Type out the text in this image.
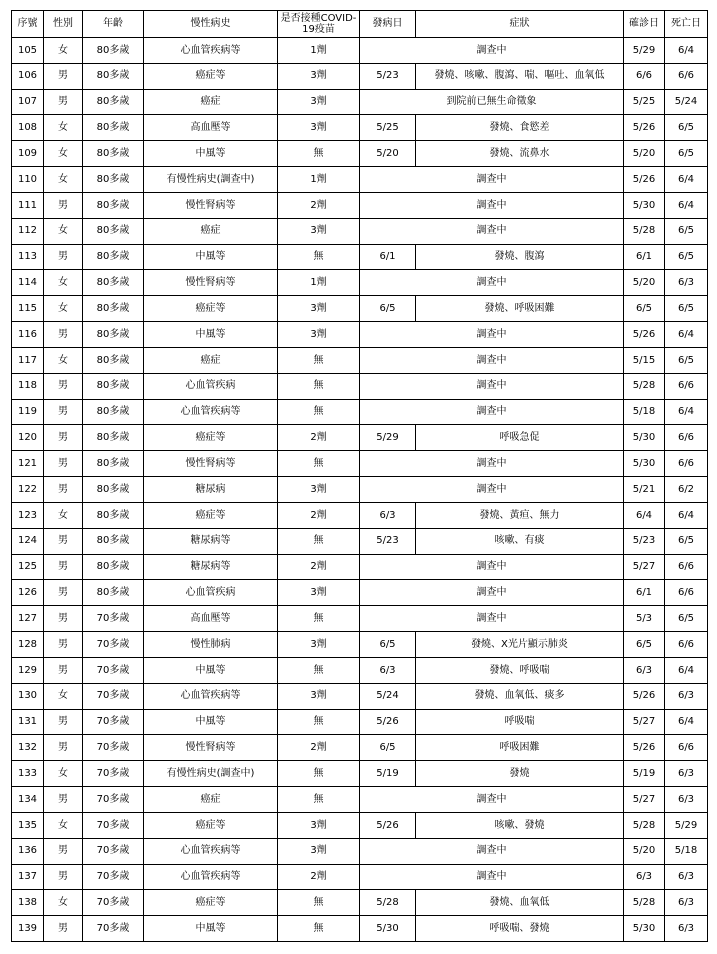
序號	性別	年齡	慢性病史	是否接種COVID-19疫苗	發病日	症狀	確診日	死亡日
105	女	80多歲	心血管疾病等	1劑	調查中		5/29	6/4
106	男	80多歲	癌症等	3劑	5/23	發燒、咳嗽、腹瀉、喘、嘔吐、血氧低	6/6	6/6
107	男	80多歲	癌症	3劑	到院前已無生命徵象		5/25	5/24
108	女	80多歲	高血壓等	3劑	5/25	發燒、食慾差	5/26	6/5
109	女	80多歲	中風等	無	5/20	發燒、流鼻水	5/20	6/5
110	女	80多歲	有慢性病史(調查中)	1劑	調查中		5/26	6/4
111	男	80多歲	慢性腎病等	2劑	調查中		5/30	6/4
112	女	80多歲	癌症	3劑	調查中		5/28	6/5
113	男	80多歲	中風等	無	6/1	發燒、腹瀉	6/1	6/5
114	女	80多歲	慢性腎病等	1劑	調查中		5/20	6/3
115	女	80多歲	癌症等	3劑	6/5	發燒、呼吸困難	6/5	6/5
116	男	80多歲	中風等	3劑	調查中		5/26	6/4
117	女	80多歲	癌症	無	調查中		5/15	6/5
118	男	80多歲	心血管疾病	無	調查中		5/28	6/6
119	男	80多歲	心血管疾病等	無	調查中		5/18	6/4
120	男	80多歲	癌症等	2劑	5/29	呼吸急促	5/30	6/6
121	男	80多歲	慢性腎病等	無	調查中		5/30	6/6
122	男	80多歲	糖尿病	3劑	調查中		5/21	6/2
123	女	80多歲	癌症等	2劑	6/3	發燒、黃疸、無力	6/4	6/4
124	男	80多歲	糖尿病等	無	5/23	咳嗽、有痰	5/23	6/5
125	男	80多歲	糖尿病等	2劑	調查中		5/27	6/6
126	男	80多歲	心血管疾病	3劑	調查中		6/1	6/6
127	男	70多歲	高血壓等	無	調查中		5/3	6/5
128	男	70多歲	慢性肺病	3劑	6/5	發燒、X光片顯示肺炎	6/5	6/6
129	男	70多歲	中風等	無	6/3	發燒、呼吸喘	6/3	6/4
130	女	70多歲	心血管疾病等	3劑	5/24	發燒、血氧低、痰多	5/26	6/3
131	男	70多歲	中風等	無	5/26	呼吸喘	5/27	6/4
132	男	70多歲	慢性腎病等	2劑	6/5	呼吸困難	5/26	6/6
133	女	70多歲	有慢性病史(調查中)	無	5/19	發燒	5/19	6/3
134	男	70多歲	癌症	無	調查中		5/27	6/3
135	女	70多歲	癌症等	3劑	5/26	咳嗽、發燒	5/28	5/29
136	男	70多歲	心血管疾病等	3劑	調查中		5/20	5/18
137	男	70多歲	心血管疾病等	2劑	調查中		6/3	6/3
138	女	70多歲	癌症等	無	5/28	發燒、血氧低	5/28	6/3
139	男	70多歲	中風等	無	5/30	呼吸喘、發燒	5/30	6/3
